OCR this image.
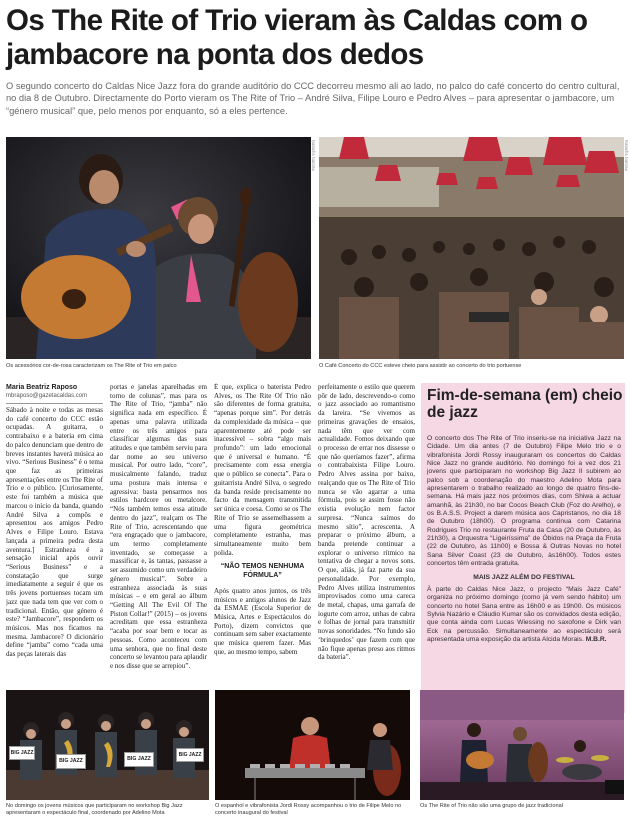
Os The Rite of Trio vieram às Caldas com o jambacore na ponta dos dedos
O segundo concerto do Caldas Nice Jazz fora do grande auditório do CCC decorreu mesmo ali ao lado, no palco do café concerto do centro cultural, no dia 8 de Outubro. Directamente do Porto vieram os The Rite of Trio – André Silva, Filipe Louro e Pedro Alves – para apresentar o jambacore, um “género musical” que, pelo menos por enquanto, só a eles pertence.
Natacha Narciso
Os acessórios cor-de-rosa caracterizam os The Rite of Trio em palco
Natacha Narciso
O Café Concerto do CCC esteve cheio para assistir ao concerto do trio portuense
Maria Beatriz Raposo
mbraposo@gazetacaldas.com

Sábado à noite e todas as mesas do café concerto do CCC estão ocupadas. A guitarra, o contrabaixo e a bateria em cima do palco denunciam que dentro de breves instantes haverá música ao vivo. “Serious Business” é o tema que faz as primeiras apresentações entre os The Rite of Trio e o público. [Curiosamente, este foi também a música que marcou o início da banda, quando André Silva a compôs e apresentou aos amigos Pedro Alves e Filipe Louro. Estava lançada a primeira pedra desta aventura.] Estranheza é a sensação inicial após ouvir “Serious Business” e a constatação que surge imediatamente a seguir é que os três jovens portuenses tocam um jazz que nada tem que ver com o tradicional. Então, que género é este? “Jambacore”, respondem os músicos. Mas nos ficamos na mesma. Jambacore? O dicionário define “jamba” como “cada uma das peças laterais das

portas e janelas aparelhadas em torno de colunas”, mas para os The Rite of Trio, “jamba” não significa nada em específico. É apenas uma palavra utilizada entre os três amigos para classificar algumas das suas atitudes e que também serviu para dar nome ao seu universo musical. Por outro lado, “core”, musicalmente falando, traduz uma postura mais intensa e agressiva: basta pensarmos nos estilos hardcore ou metalcore. “Nós também temos essa atitude dentro do jazz”, realçam os The Rite of Trio, acrescentando que “era engraçado que o jambacore, um termo completamente inventado, se começasse a massificar e, às tantas, passasse a ser assumido como um verdadeiro género musical”. Sobre a estranheza associada às suas músicas – e em geral ao álbum “Getting All The Evil Of The Piston Collar!” (2015) – os jovens acreditam que essa estranheza “acaba por soar bem e tocar as pessoas. Como aconteceu com uma senhora, que no final deste concerto se levantou para aplaudir e nos disse que se arrepiou”.

É que, explica o baterista Pedro Alves, os The Rite Of Trio não são diferentes de forma gratuita, “apenas porque sim”. Por detrás da complexidade da música – que aparentemente até pode ser inacessível – sobra “algo mais profundo”: um lado emocional que é universal e humano. “É precisamente com essa energia que o público se conecta”. Para o guitarrista André Silva, o segredo da banda reside precisamente no facto da mensagem transmitida ser única e coesa. Como se os The Rite of Trio se assemelhassem a uma figura geométrica completamente estranha, mas simultaneamente muito bem polida.

“NÃO TEMOS NENHUMA FÓRMULA”

Após quatro anos juntos, os três músicos e antigos alunos de Jazz da ESMAE (Escola Superior de Música, Artes e Espectáculos do Porto), dizem convictos que continuam sem saber exactamente que música querem fazer. Mas que, ao mesmo tempo, sabem

perfeitamente o estilo que querem pôr de lado, descrevendo-o como o jazz associado ao romantismo da lareira. “Se vivemos as primeiras gravações de ensaios, nada têm que ver com actualidade. Fomos deixando que o processo de errar nos dissesse o que não queríamos fazer”, afirma o contrabaixista Filipe Louro. Pedro Alves assina por baixo, realçando que os The Rite of Trio nunca se vão agarrar a uma fórmula, pois se assim fosse não existia evolução nem factor surpresa. “Nunca saímos do mesmo sítio”, acrescenta. A preparar o próximo álbum, a banda pretende continuar a explorar o universo rítmico na tentativa de chegar a novos sons. O que, aliás, já faz parte da sua personalidade. Por exemplo, Pedro Alves utiliza instrumentos improvisados como uma careca de metal, chapas, uma garrafa de iogurte com arroz, unhas de cabra e folhas de jornal para transmitir novas sonoridades. “No fundo são ‘brinquedos’ que fazem com que não fique apenas preso aos ritmos da bateria”.

Fim-de-semana (em) cheio de jazz

O concerto dos The Rite of Trio inseriu-se na iniciativa Jazz na Cidade. Um dia antes (7 de Outubro) Filipe Melo trio e o vibrafonista Jordi Rossy inauguraram os concertos do Caldas Nice Jazz no grande auditório. No domingo foi a vez dos 21 jovens que participaram no workshop Big Jazz II subirem ao palco sob a coordenação do maestro Adelino Mota para apresentarem o trabalho realizado ao longo de quatro fins-de-semana. Há mais jazz nos próximos dias, com Shiwa a actuar amanhã, às 21h30, no bar Cocos Beach Club (Foz do Arelho), e os B.A.S.S. Project a darem música aos Capristanos, no dia 18 de Outubro (18h00). O programa continua com Catarina Rodrigues Trio no restaurante Fruta da Casa (20 de Outubro, às 21h30), a Orquestra “Ligeiríssima” de Óbidos na Praça da Fruta (22 de Outubro, às 11h00) e Bossa & Outras Novas no hotel Sana Silver Coast (23 de Outubro, às16h00). Todos estes concertos têm entrada gratuita.

MAIS JAZZ ALÉM DO FESTIVAL

À parte do Caldas Nice Jazz, o projecto “Mais Jazz Café” organiza no próximo domingo (como já vem sendo hábito) um concerto no hotel Sana entre as 16h00 e as 19h00. Os músicos Sylvia Nazário e Cláudio Kumar são os convidados desta edição, que conta ainda com Lucas Wiessing no saxofone e Dirk van Eck na percussão. Simultaneamente ao espectáculo será apresentada uma exposição da artista Alcida Morais. M.B.R.

BIG JAZZ
BIG JAZZ	BIG JAZZ
BIG JAZZ
No domingo os jovens músicos que participaram no workshop Big Jazz apresentaram o espectáculo final, coordenado por Adelino Mota
O espanhol e vibrafonista Jordi Rossy acompanhou o trio de Filipe Melo no concerto inaugural do festival
Os The Rite of Trio não são uma grupo de jazz tradicional
